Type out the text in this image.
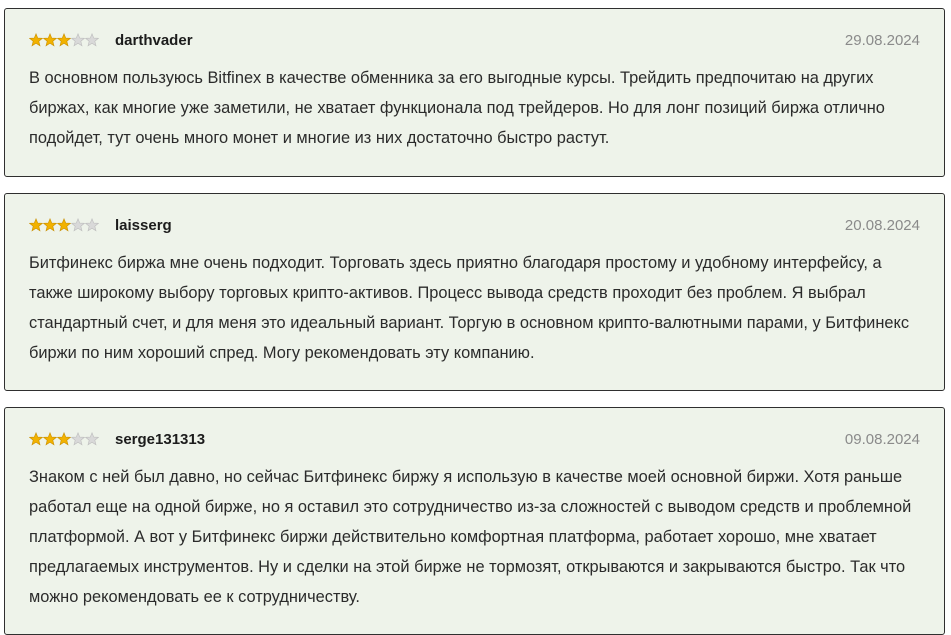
darthvader	29.08.2024

В основном пользуюсь Bitfinex в качестве обменника за его выгодные курсы. Трейдить предпочитаю на других биржах, как многие уже заметили, не хватает функционала под трейдеров. Но для лонг позиций биржа отлично подойдет, тут очень много монет и многие из них достаточно быстро растут.

laisserg	20.08.2024

Битфинекс биржа мне очень подходит. Торговать здесь приятно благодаря простому и удобному интерфейсу, а также широкому выбору торговых крипто-активов. Процесс вывода средств проходит без проблем. Я выбрал стандартный счет, и для меня это идеальный вариант. Торгую в основном крипто-валютными парами, у Битфинекс биржи по ним хороший спред. Могу рекомендовать эту компанию.

serge131313	09.08.2024

Знаком с ней был давно, но сейчас Битфинекс биржу я использую в качестве моей основной биржи. Хотя раньше работал еще на одной бирже, но я оставил это сотрудничество из-за сложностей с выводом средств и проблемной платформой. А вот у Битфинекс биржи действительно комфортная платформа, работает хорошо, мне хватает предлагаемых инструментов. Ну и сделки на этой бирже не тормозят, открываются и закрываются быстро. Так что можно рекомендовать ее к сотрудничеству.
